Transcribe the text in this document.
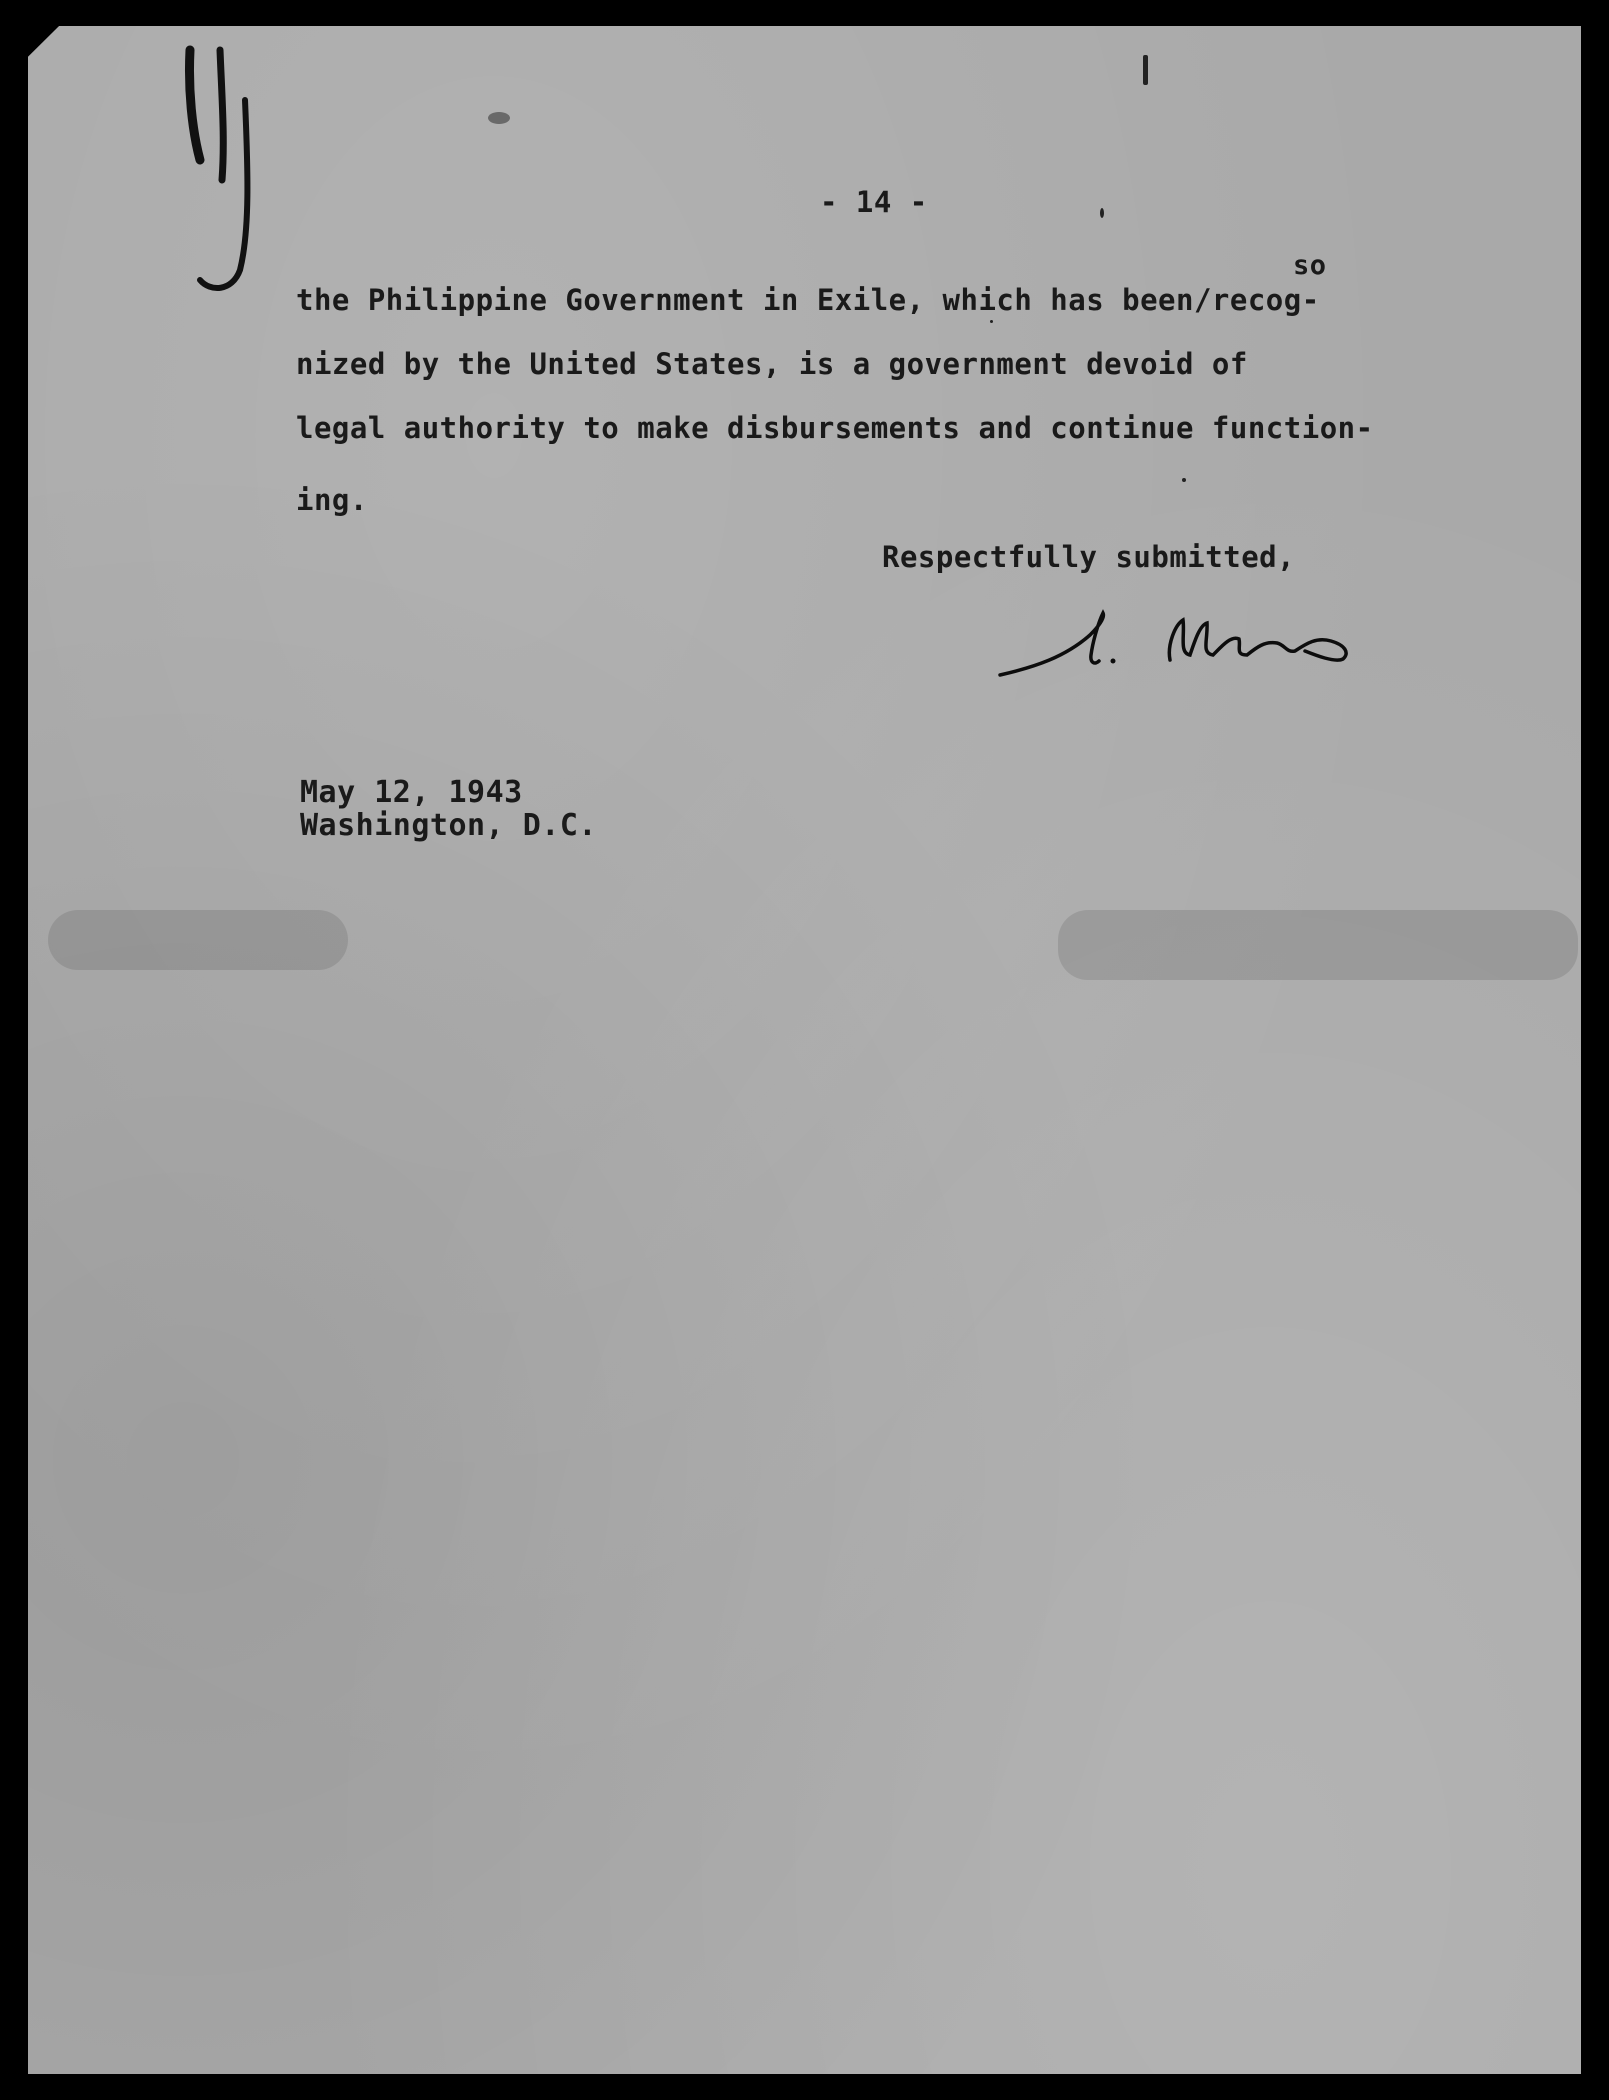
- 14 -
so
the Philippine Government in Exile, which has been/recog-
nized by the United States, is a government devoid of
legal authority to make disbursements and continue function-
ing.
Respectfully submitted,
May 12, 1943
Washington, D.C.
